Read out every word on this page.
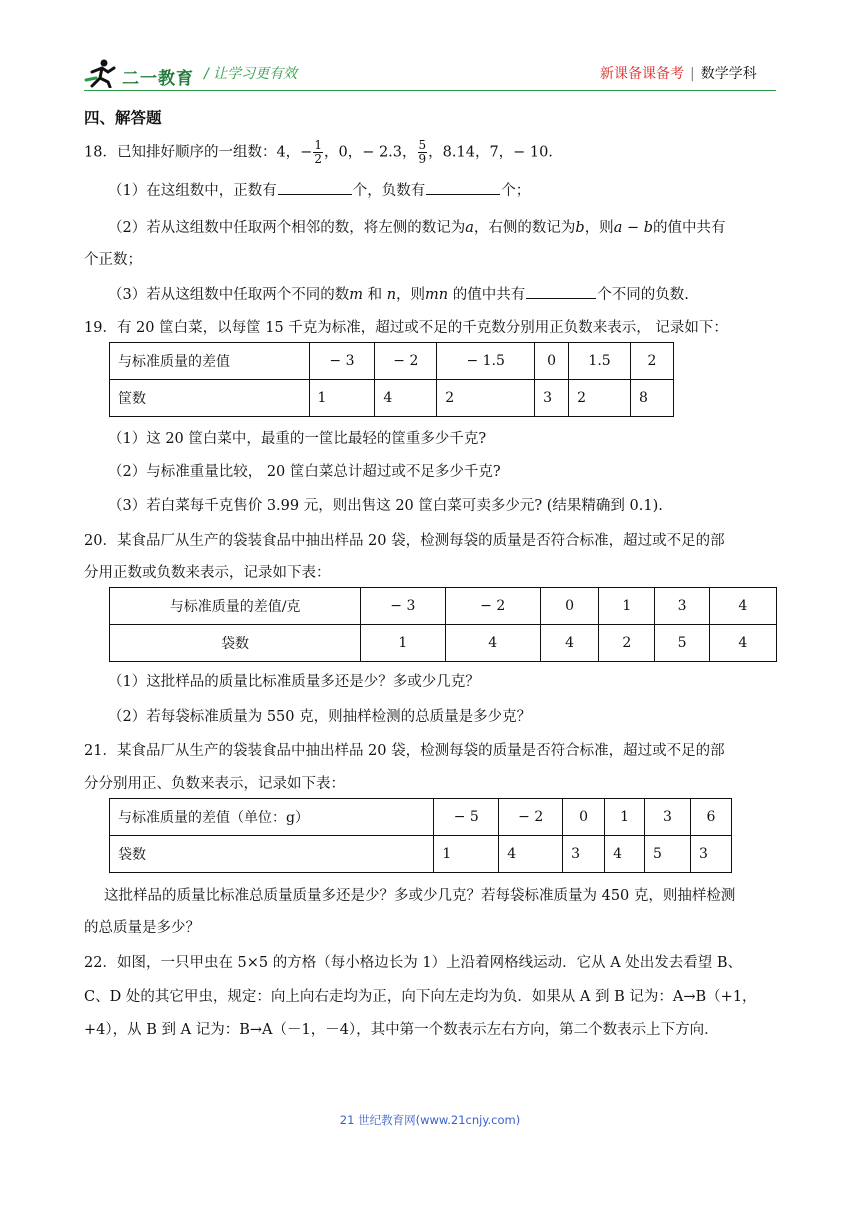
二一教育 / 让学习更有效	新课备课备考 | 数学学科
四、解答题
18．已知排好顺序的一组数：4，− $\frac{1}{2}$ ，0，− 2.3， $\frac{5}{9}$ ，8.14，7，− 10．
（1）在这组数中，正数有	个，负数有	个；
（2）若从这组数中任取两个相邻的数，将左侧的数记为a，右侧的数记为b，则a − b的值中共有
个正数；
（3）若从这组数中任取两个不同的数m 和 n，则mn 的值中共有	个不同的负数.
19．有 20 筐白菜，以每筐 15 千克为标准，超过或不足的千克数分别用正负数来表示， 记录如下：
与标准质量的差值	− 3	− 2	− 1.5	0	1.5	2
筐数	1	4	2	3	2	8
（1）这 20 筐白菜中，最重的一筐比最轻的筐重多少千克?
（2）与标准重量比较， 20 筐白菜总计超过或不足多少千克?
（3）若白菜每千克售价 3.99 元，则出售这 20 筐白菜可卖多少元? (结果精确到 0.1).
20．某食品厂从生产的袋装食品中抽出样品 20 袋，检测每袋的质量是否符合标准，超过或不足的部
分用正数或负数来表示，记录如下表：
与标准质量的差值/克	− 3	− 2	0	1	3	4
袋数	1	4	4	2	5	4
（1）这批样品的质量比标准质量多还是少？多或少几克？
（2）若每袋标准质量为 550 克，则抽样检测的总质量是多少克？
21．某食品厂从生产的袋装食品中抽出样品 20 袋，检测每袋的质量是否符合标准，超过或不足的部
分分别用正、负数来表示，记录如下表：
与标准质量的差值（单位：g）	− 5	− 2	0	1	3	6
袋数	1	4	3	4	5	3
这批样品的质量比标准总质量质量多还是少？多或少几克？若每袋标准质量为 450 克，则抽样检测
的总质量是多少？
22．如图，一只甲虫在 5×5 的方格（每小格边长为 1）上沿着网格线运动．它从 A 处出发去看望 B、
C、D 处的其它甲虫，规定：向上向右走均为正，向下向左走均为负．如果从 A 到 B 记为：A→B（+1，
+4），从 B 到 A 记为：B→A（－1，－4），其中第一个数表示左右方向，第二个数表示上下方向．
21 世纪教育网(www.21cnjy.com)
